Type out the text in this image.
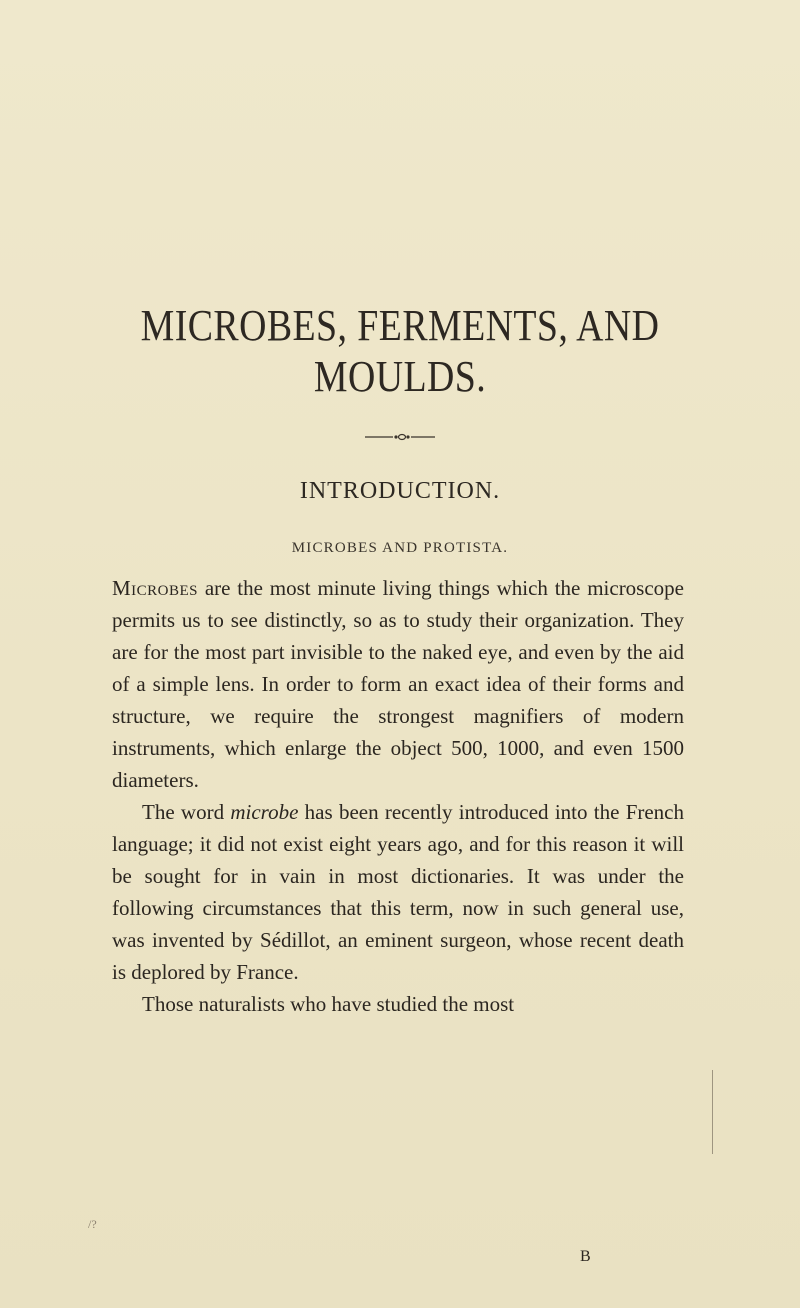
MICROBES, FERMENTS, AND MOULDS.
INTRODUCTION.
MICROBES AND PROTISTA.

Microbes are the most minute living things which the microscope permits us to see distinctly, so as to study their organization. They are for the most part invisible to the naked eye, and even by the aid of a simple lens. In order to form an exact idea of their forms and structure, we require the strongest magnifiers of modern instruments, which enlarge the object 500, 1000, and even 1500 diameters.

The word microbe has been recently introduced into the French language; it did not exist eight years ago, and for this reason it will be sought for in vain in most dictionaries. It was under the following circumstances that this term, now in such general use, was invented by Sédillot, an eminent surgeon, whose recent death is deplored by France.

Those naturalists who have studied the most

/?
B
